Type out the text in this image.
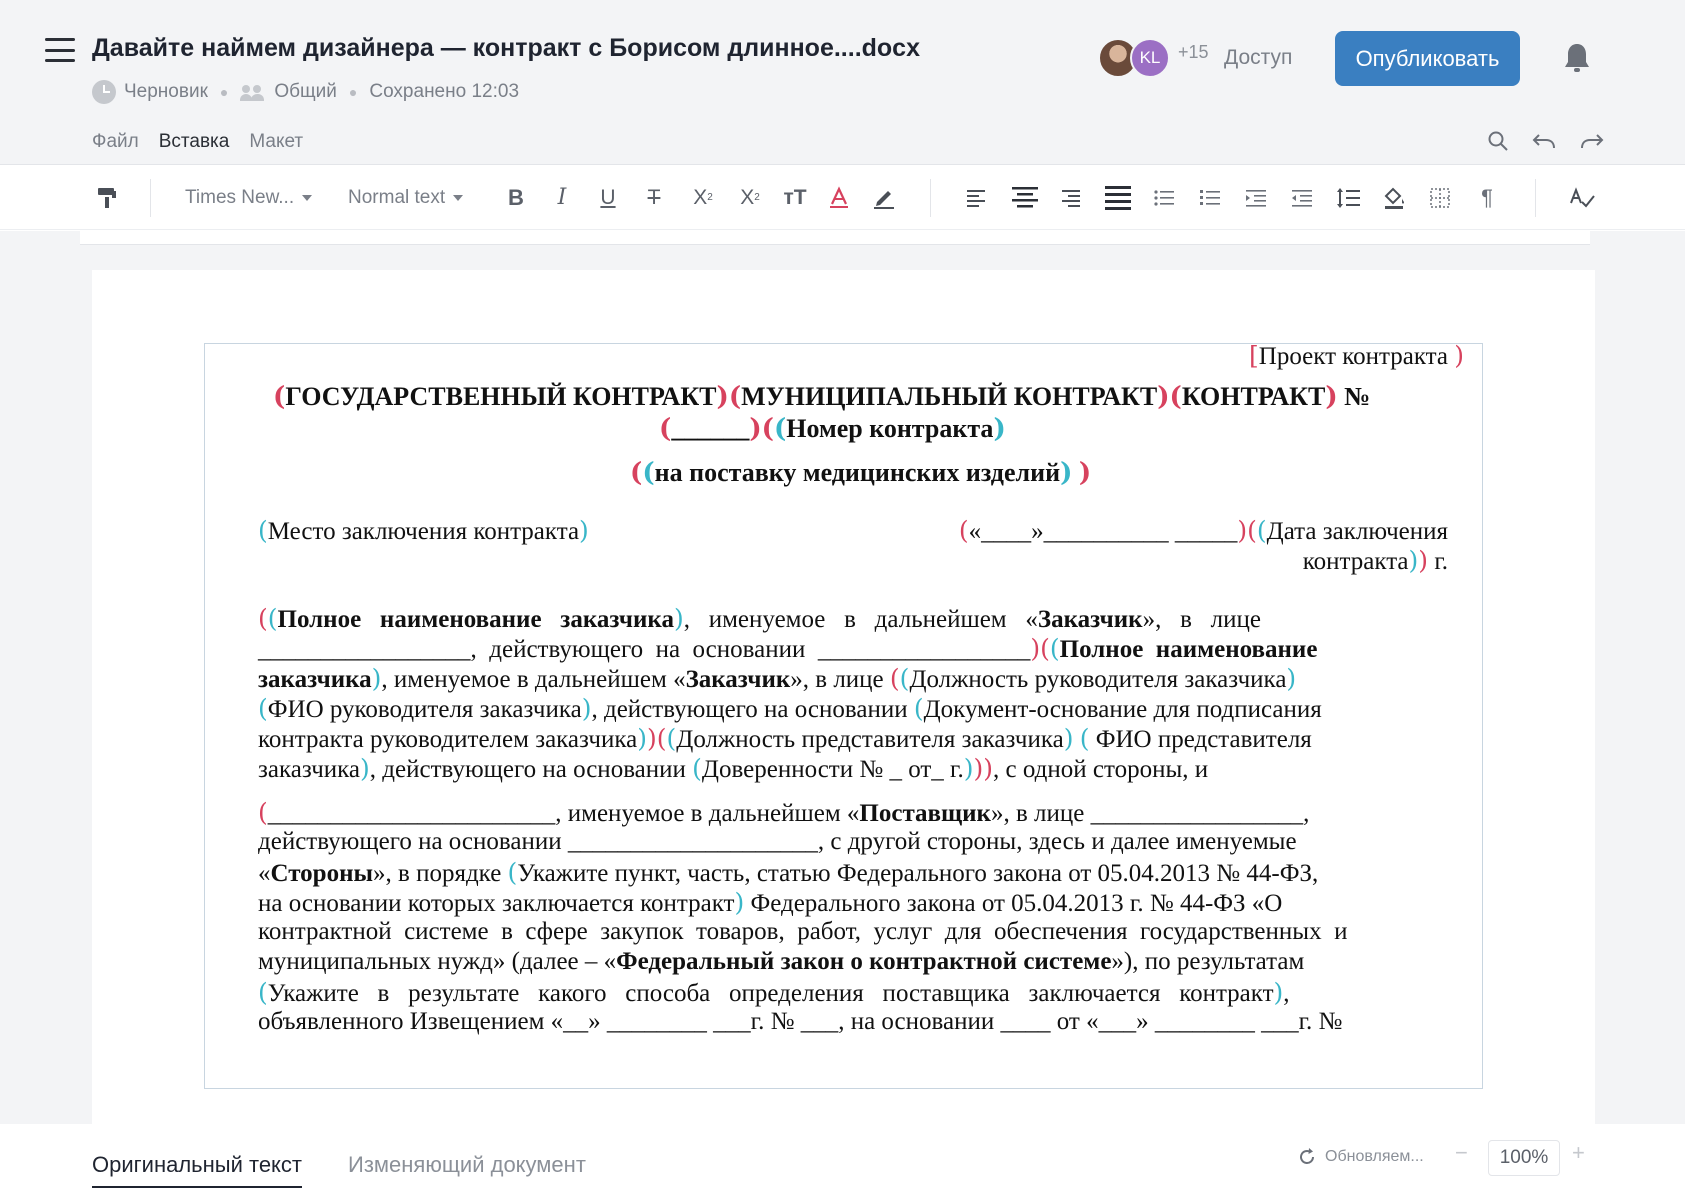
Давайте наймем дизайнера — контракт с Борисом длинное....docx
Черновик ● Общий ● Сохранено 12:03
KL +15 Доступ	Опубликовать
Файл Вставка Макет
Times New...	Normal text	B	I	U T X 2 X 2 тТ	¶
[Проект контракта )
(ГОСУДАРСТВЕННЫЙ КОНТРАКТ)(МУНИЦИПАЛЬНЫЙ КОНТРАКТ)(КОНТРАКТ) №
(______)((Номер контракта)
((на поставку медицинских изделий) )
(Место заключения контракта)	(«____»__________ _____)((Дата заключения
контракта)) г.
((Полное   наименование   заказчика),   именуемое   в   дальнейшем   «Заказчик»,   в   лице
_________________,  действующего  на  основании  _________________)((Полное  наименование
заказчика), именуемое в дальнейшем «Заказчик», в лице ((Должность руководителя заказчика)
(ФИО руководителя заказчика), действующего на основании (Документ-основание для подписания
контракта руководителем заказчика))((Должность представителя заказчика) ( ФИО представителя
заказчика), действующего на основании (Доверенности № _ от_ г.))), с одной стороны, и
(_______________________, именуемое в дальнейшем «Поставщик», в лице _________________,
действующего на основании ____________________, с другой стороны, здесь и далее именуемые
«Стороны», в порядке (Укажите пункт, часть, статью Федерального закона от 05.04.2013 № 44-ФЗ,
на основании которых заключается контракт) Федерального закона от 05.04.2013 г. № 44-ФЗ «О
контрактной  системе  в  сфере  закупок  товаров,  работ,  услуг  для  обеспечения  государственных  и
муниципальных нужд» (далее – «Федеральный закон о контрактной системе»), по результатам
(Укажите   в   результате   какого   способа   определения   поставщика   заключается   контракт),
объявленного Извещением «__» ________ ___г. № ___, на основании ____ от «___» ________ ___г. №
Оригинальный текст Изменяющий документ	Обновляем... −	100%	+
